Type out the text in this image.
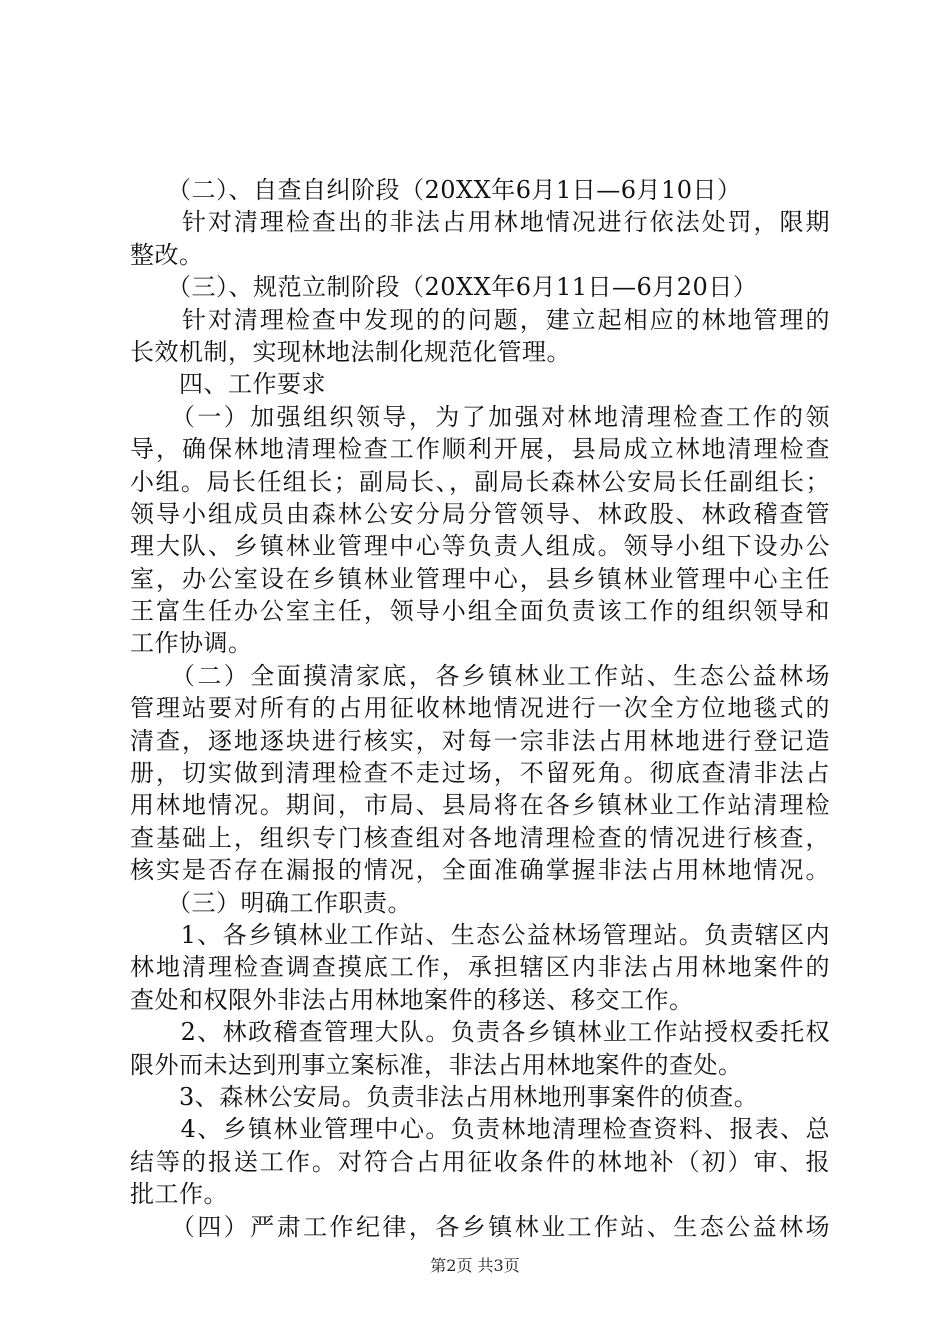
　　（二）、自查自纠阶段（20XX年6月1日—6月10日）
　　针对清理检查出的非法占用林地情况进行依法处罚，限期
整改。
　　（三）、规范立制阶段（20XX年6月11日—6月20日）
　　针对清理检查中发现的的问题，建立起相应的林地管理的
长效机制，实现林地法制化规范化管理。
　　四、工作要求
　　（一）加强组织领导，为了加强对林地清理检查工作的领
导，确保林地清理检查工作顺利开展，县局成立林地清理检查
小组。局长任组长；副局长、，副局长森林公安局长任副组长；
领导小组成员由森林公安分局分管领导、林政股、林政稽查管
理大队、乡镇林业管理中心等负责人组成。领导小组下设办公
室，办公室设在乡镇林业管理中心，县乡镇林业管理中心主任
王富生任办公室主任，领导小组全面负责该工作的组织领导和
工作协调。
　　（二）全面摸清家底，各乡镇林业工作站、生态公益林场
管理站要对所有的占用征收林地情况进行一次全方位地毯式的
清查，逐地逐块进行核实，对每一宗非法占用林地进行登记造
册，切实做到清理检查不走过场，不留死角。彻底查清非法占
用林地情况。期间，市局、县局将在各乡镇林业工作站清理检
查基础上，组织专门核查组对各地清理检查的情况进行核查，
核实是否存在漏报的情况，全面准确掌握非法占用林地情况。
　　（三）明确工作职责。
　　1、各乡镇林业工作站、生态公益林场管理站。负责辖区内
林地清理检查调查摸底工作，承担辖区内非法占用林地案件的
查处和权限外非法占用林地案件的移送、移交工作。
　　2、林政稽查管理大队。负责各乡镇林业工作站授权委托权
限外而未达到刑事立案标准，非法占用林地案件的查处。
　　3、森林公安局。负责非法占用林地刑事案件的侦查。
　　4、乡镇林业管理中心。负责林地清理检查资料、报表、总
结等的报送工作。对符合占用征收条件的林地补（初）审、报
批工作。
　　（四）严肃工作纪律，各乡镇林业工作站、生态公益林场
第2页 共3页
